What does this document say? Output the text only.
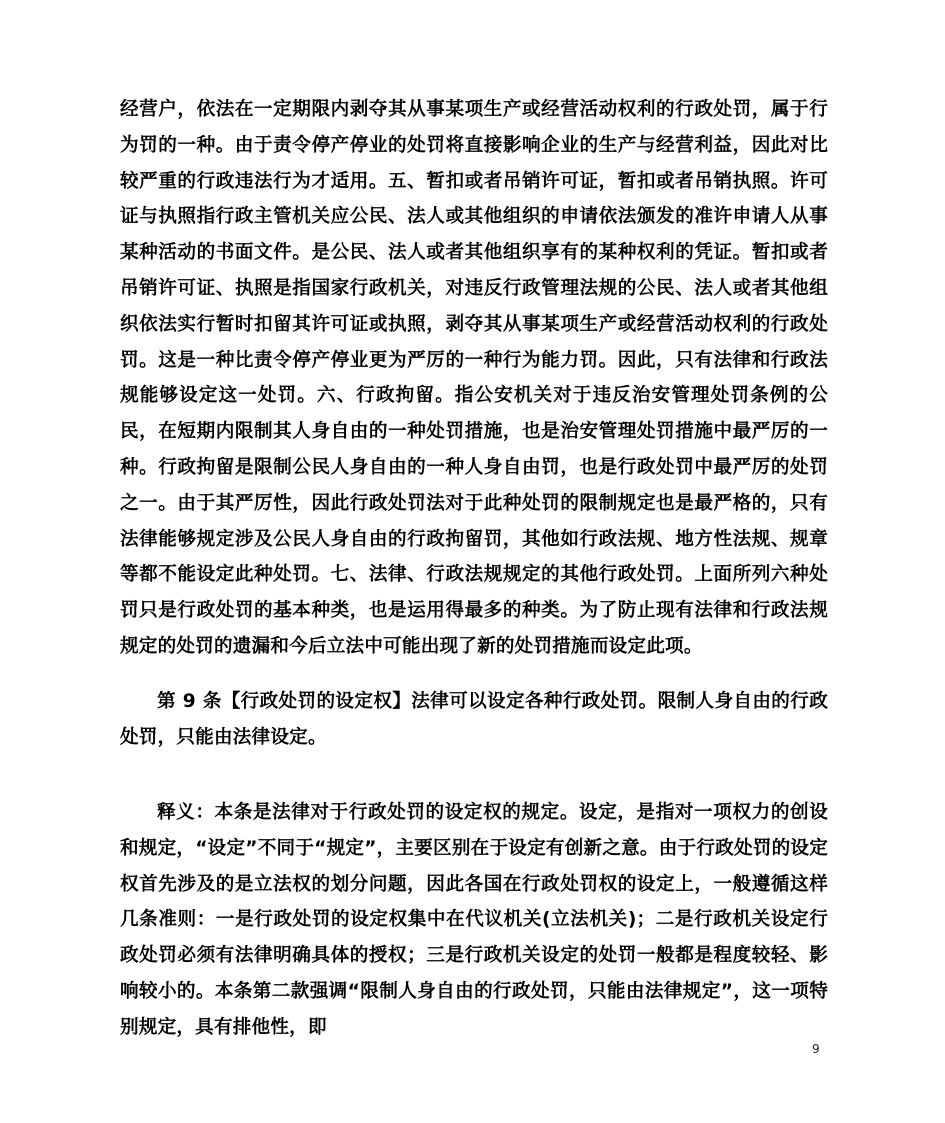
经营户，依法在一定期限内剥夺其从事某项生产或经营活动权利的行政处罚，属于行为罚的一种。由于责令停产停业的处罚将直接影响企业的生产与经营利益，因此对比较严重的行政违法行为才适用。五、暂扣或者吊销许可证，暂扣或者吊销执照。许可证与执照指行政主管机关应公民、法人或其他组织的申请依法颁发的准许申请人从事某种活动的书面文件。是公民、法人或者其他组织享有的某种权利的凭证。暂扣或者吊销许可证、执照是指国家行政机关，对违反行政管理法规的公民、法人或者其他组织依法实行暂时扣留其许可证或执照，剥夺其从事某项生产或经营活动权利的行政处罚。这是一种比责令停产停业更为严厉的一种行为能力罚。因此，只有法律和行政法规能够设定这一处罚。六、行政拘留。指公安机关对于违反治安管理处罚条例的公民，在短期内限制其人身自由的一种处罚措施，也是治安管理处罚措施中最严厉的一种。行政拘留是限制公民人身自由的一种人身自由罚，也是行政处罚中最严厉的处罚之一。由于其严厉性，因此行政处罚法对于此种处罚的限制规定也是最严格的，只有法律能够规定涉及公民人身自由的行政拘留罚，其他如行政法规、地方性法规、规章等都不能设定此种处罚。七、法律、行政法规规定的其他行政处罚。上面所列六种处罚只是行政处罚的基本种类，也是运用得最多的种类。为了防止现有法律和行政法规规定的处罚的遗漏和今后立法中可能出现了新的处罚措施而设定此项。

第 9 条【行政处罚的设定权】法律可以设定各种行政处罚。限制人身自由的行政处罚，只能由法律设定。

释义：本条是法律对于行政处罚的设定权的规定。设定，是指对一项权力的创设和规定，“设定”不同于“规定”，主要区别在于设定有创新之意。由于行政处罚的设定权首先涉及的是立法权的划分问题，因此各国在行政处罚权的设定上，一般遵循这样几条准则：一是行政处罚的设定权集中在代议机关(立法机关)；二是行政机关设定行政处罚必须有法律明确具体的授权；三是行政机关设定的处罚一般都是程度较轻、影响较小的。本条第二款强调“限制人身自由的行政处罚，只能由法律规定”，这一项特别规定，具有排他性，即

9
